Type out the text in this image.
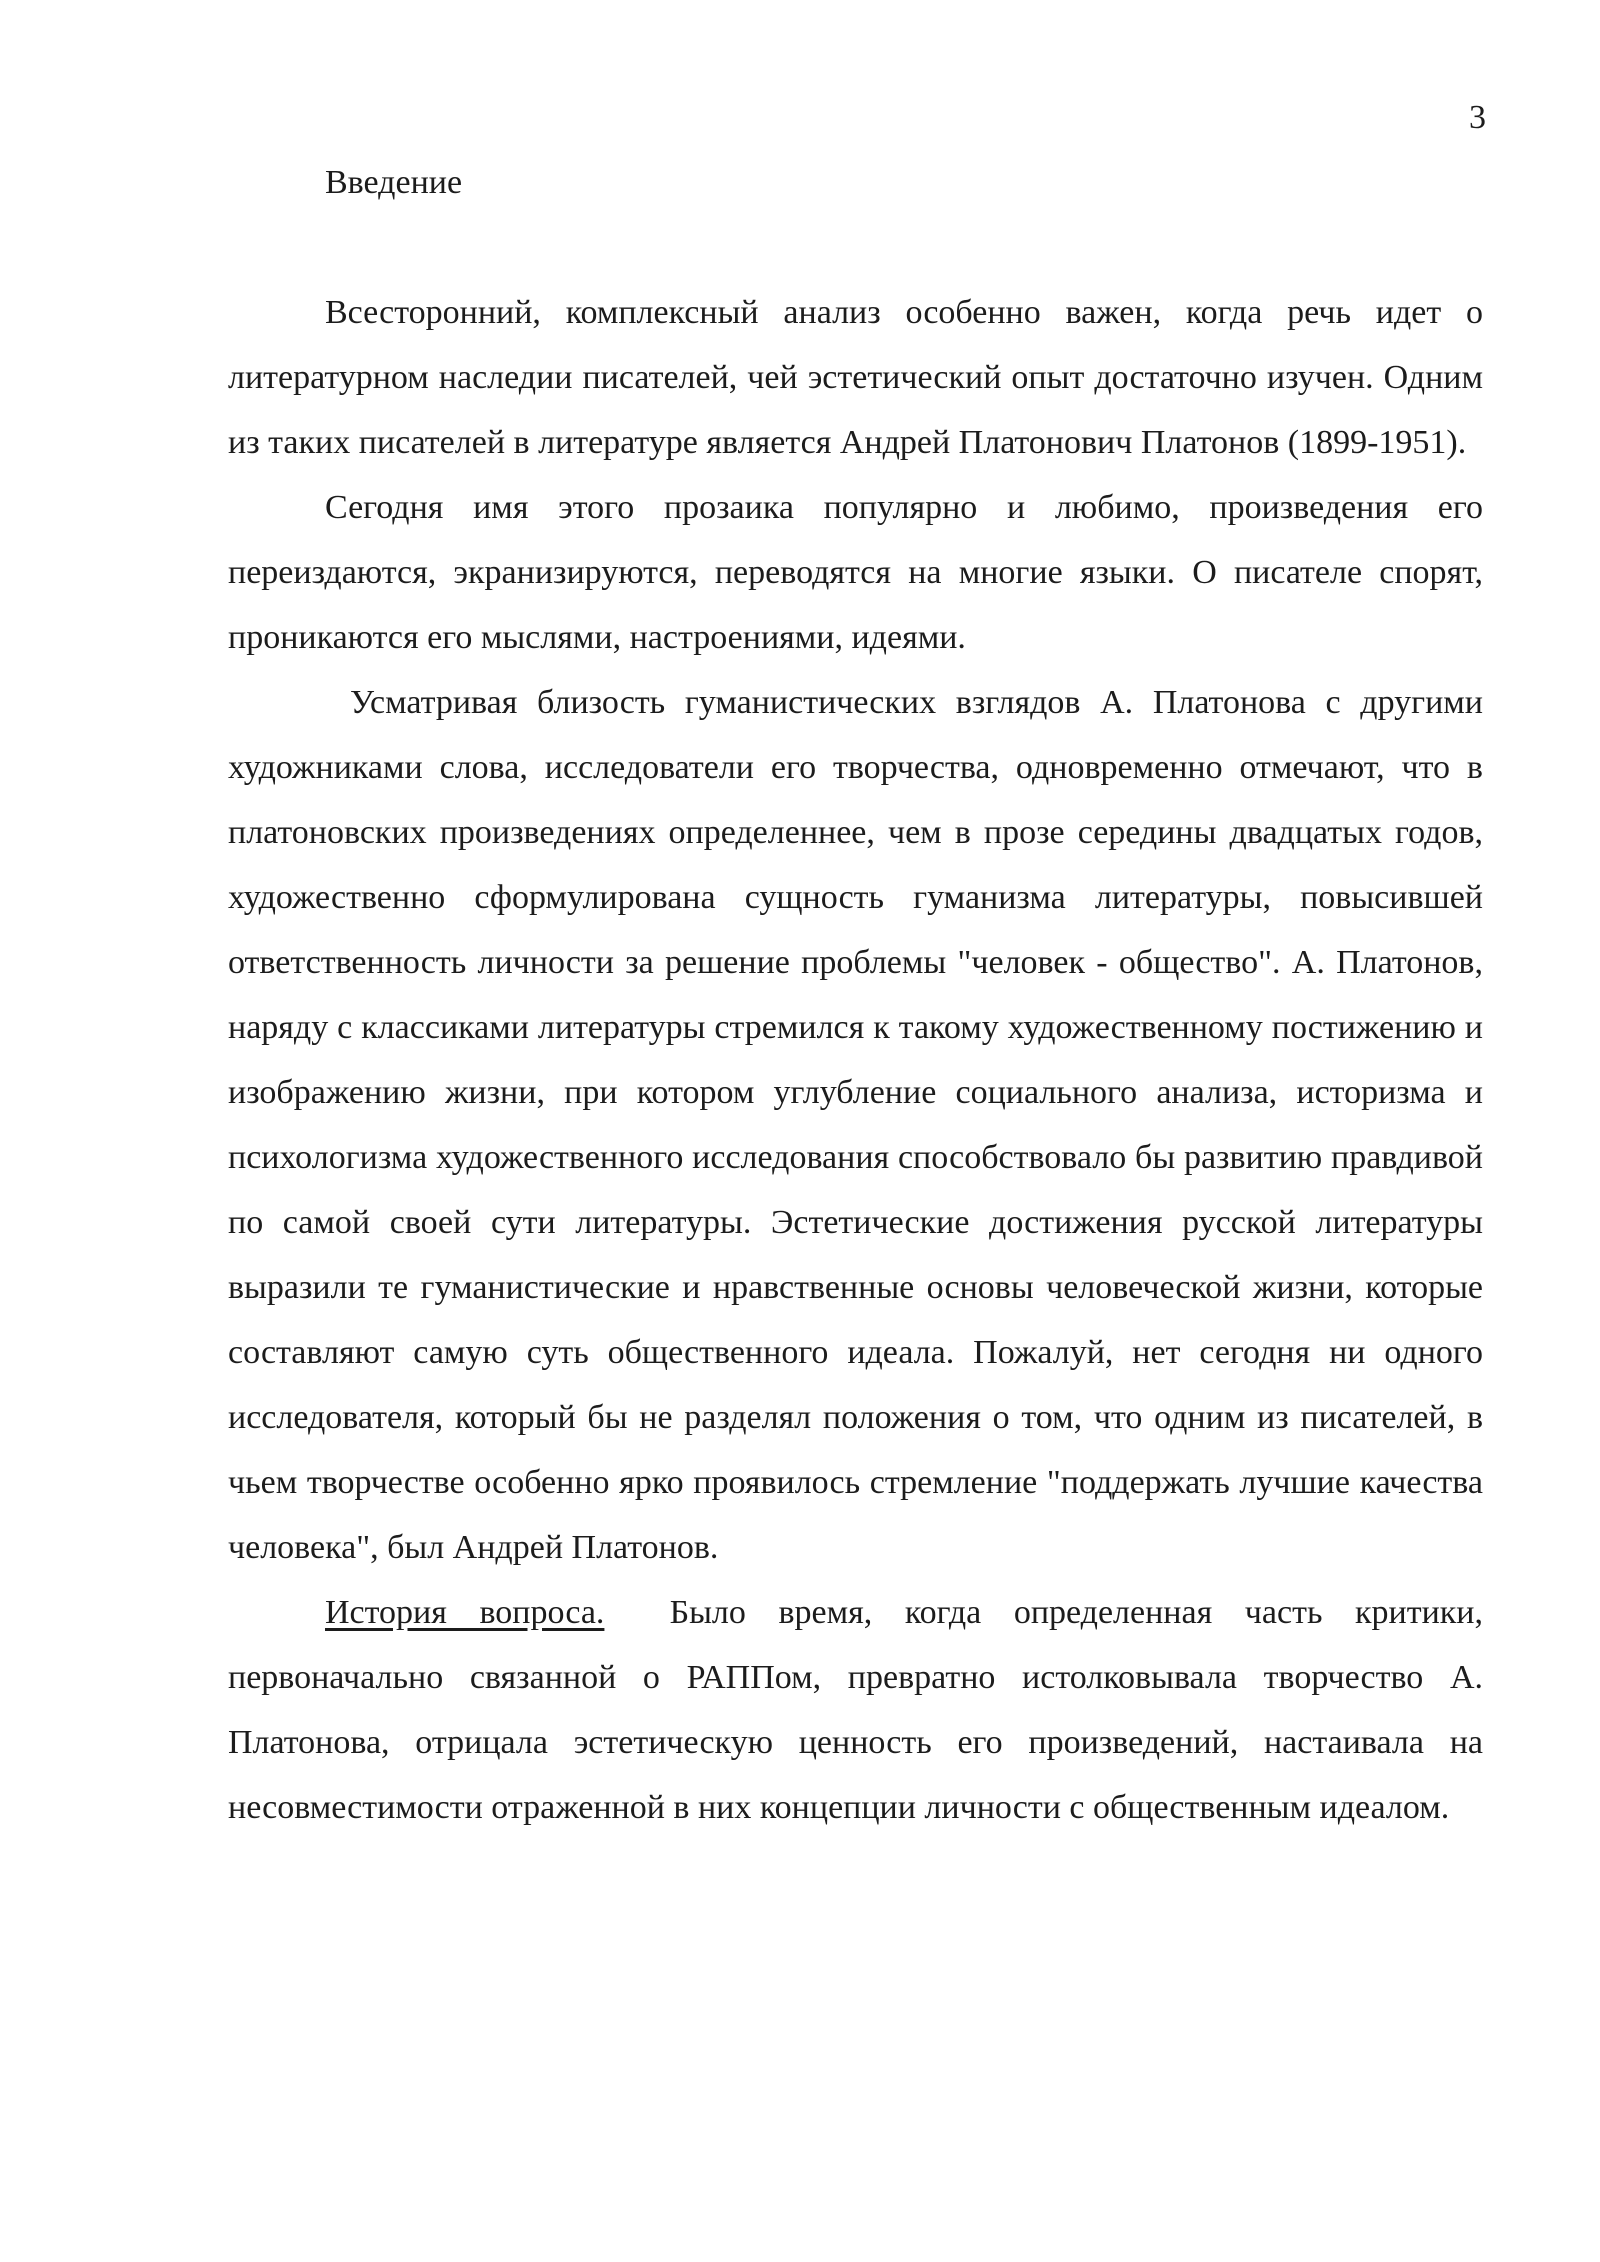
3
Введение

Всесторонний, комплексный анализ особенно важен, когда речь идет о литературном наследии писателей, чей эстетический опыт достаточно изучен. Одним из таких писателей в литературе является Андрей Платонович Платонов (1899-1951).

Сегодня имя этого прозаика популярно и любимо, произведения его переиздаются, экранизируются, переводятся на многие языки. О писателе спорят, проникаются его мыслями, настроениями, идеями.

Усматривая близость гуманистических взглядов А. Платонова с другими художниками слова, исследователи его творчества, одновременно отмечают, что в платоновских произведениях определеннее, чем в прозе середины двадцатых годов, художественно сформулирована сущность гуманизма литературы, повысившей ответственность личности за решение проблемы "человек - общество". А. Платонов, наряду с классиками литературы стремился к такому художественному постижению и изображению жизни, при котором углубление социального анализа, историзма и психологизма художественного исследования способствовало бы развитию правдивой по самой своей сути литературы. Эстетические достижения русской литературы выразили те гуманистические и нравственные основы человеческой жизни, которые составляют самую суть общественного идеала. Пожалуй, нет сегодня ни одного исследователя, который бы не разделял положения о том, что одним из писателей, в чьем творчестве особенно ярко проявилось стремление "поддержать лучшие качества человека", был Андрей Платонов.

История вопроса. Было время, когда определенная часть критики, первоначально связанной о РАППом, превратно истолковывала творчество А. Платонова, отрицала эстетическую ценность его произведений, настаивала на несовместимости отраженной в них концепции личности с общественным идеалом.
